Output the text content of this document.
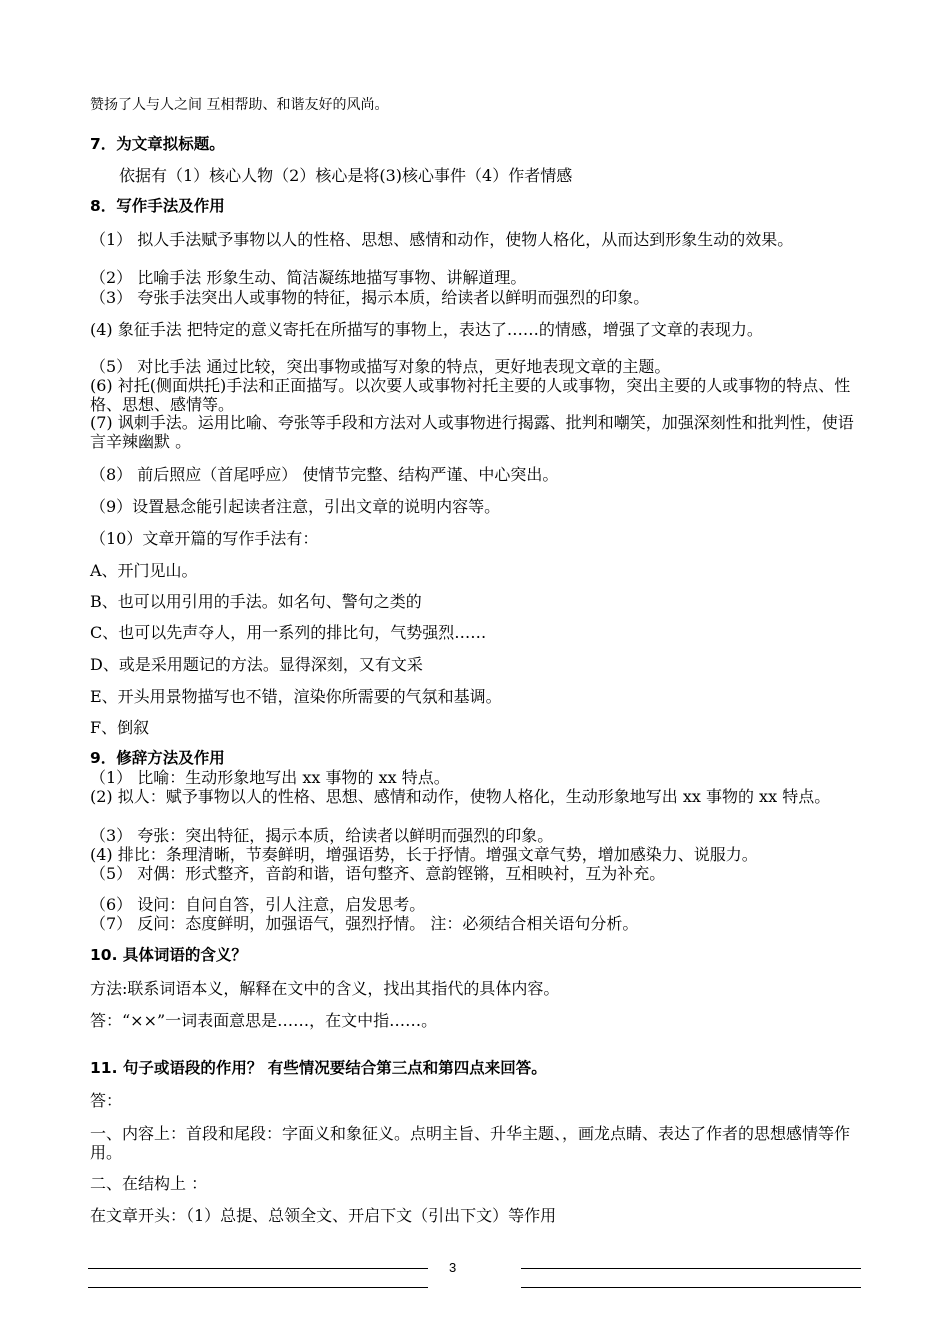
赞扬了人与人之间 互相帮助、和谐友好的风尚。
7．为文章拟标题。
依据有（1）核心人物（2）核心是将(3)核心事件（4）作者情感
8．写作手法及作用
（1） 拟人手法赋予事物以人的性格、思想、感情和动作，使物人格化，从而达到形象生动的效果。
（2） 比喻手法 形象生动、简洁凝练地描写事物、讲解道理。
（3） 夸张手法突出人或事物的特征，揭示本质，给读者以鲜明而强烈的印象。
(4) 象征手法 把特定的意义寄托在所描写的事物上，表达了……的情感，增强了文章的表现力。
（5） 对比手法 通过比较，突出事物或描写对象的特点，更好地表现文章的主题。
(6) 衬托(侧面烘托)手法和正面描写。以次要人或事物衬托主要的人或事物，突出主要的人或事物的特点、性格、思想、感情等。
(7) 讽刺手法。运用比喻、夸张等手段和方法对人或事物进行揭露、批判和嘲笑，加强深刻性和批判性，使语言辛辣幽默 。
（8） 前后照应（首尾呼应） 使情节完整、结构严谨、中心突出。
（9）设置悬念能引起读者注意，引出文章的说明内容等。
（10）文章开篇的写作手法有：
A、开门见山。
B、也可以用引用的手法。如名句、警句之类的
C、也可以先声夺人，用一系列的排比句，气势强烈……
D、或是采用题记的方法。显得深刻，又有文采
E、开头用景物描写也不错，渲染你所需要的气氛和基调。
F、倒叙
9．修辞方法及作用
（1） 比喻：生动形象地写出 xx 事物的 xx 特点。
(2) 拟人：赋予事物以人的性格、思想、感情和动作，使物人格化，生动形象地写出 xx 事物的 xx 特点。
（3） 夸张：突出特征，揭示本质，给读者以鲜明而强烈的印象。
(4) 排比：条理清晰，节奏鲜明，增强语势，长于抒情。增强文章气势，增加感染力、说服力。
（5） 对偶：形式整齐，音韵和谐，语句整齐、意韵铿锵，互相映衬，互为补充。
（6） 设问：自问自答，引人注意，启发思考。
（7） 反问：态度鲜明，加强语气，强烈抒情。 注：必须结合相关语句分析。
10. 具体词语的含义？
方法:联系词语本义，解释在文中的含义，找出其指代的具体内容。
答：“××”一词表面意思是……，在文中指……。
11. 句子或语段的作用？ 有些情况要结合第三点和第四点来回答。
答：
一、内容上：首段和尾段：字面义和象征义。点明主旨、升华主题、，画龙点睛、表达了作者的思想感情等作用。
二、在结构上 ：
在文章开头：（1）总提、总领全文、开启下文（引出下文）等作用
3
